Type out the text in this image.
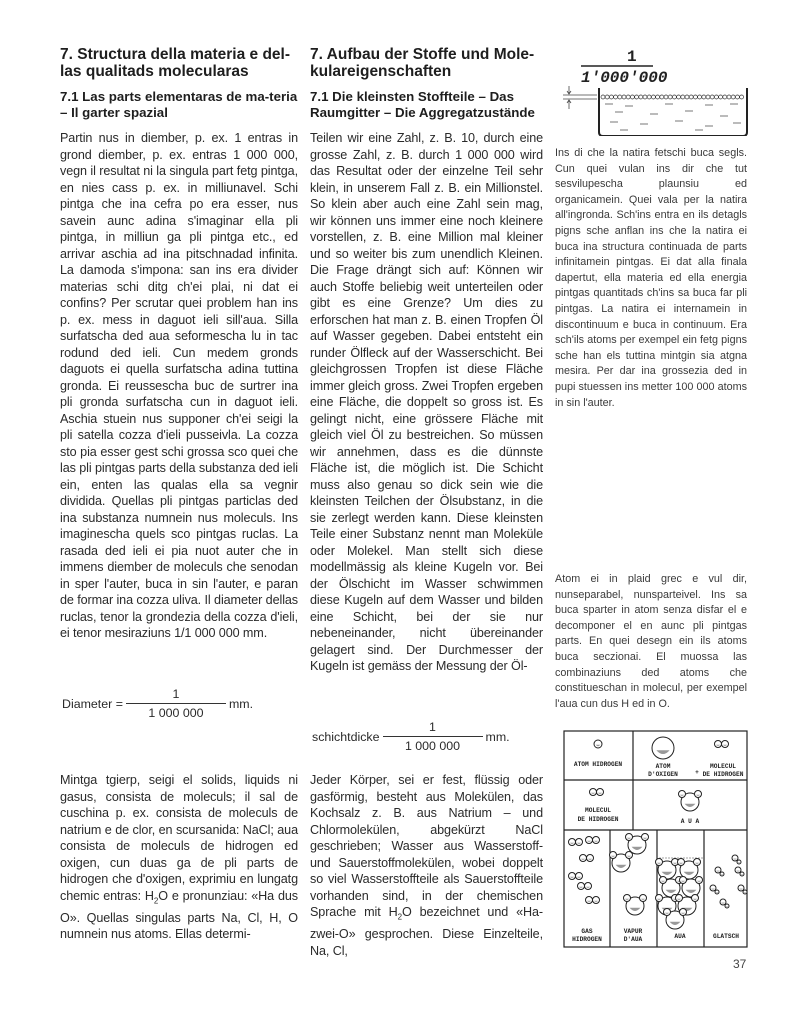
7. Structura della materia e del-las qualitads molecularas
7.1 Las parts elementaras de ma-teria – Il garter spazial

Partin nus in diember, p. ex. 1 entras in grond diember, p. ex. entras 1 000 000, vegn il resultat ni la singula part fetg pintga, en nies cass p. ex. in milliunavel. Schi pintga che ina cefra po era esser, nus savein aunc adina s'imaginar ella pli pintga, in milliun ga pli pintga etc., ed arrivar aschia ad ina pitschnadad infinita. La damoda s'impona: san ins era divider materias schi ditg ch'ei plai, ni dat ei confins? Per scrutar quei problem han ins p. ex. mess in daguot ieli sill'aua. Silla surfatscha ded aua seformescha lu in tac rodund ded ieli. Cun medem gronds daguots ei quella surfatscha adina tuttina gronda. Ei reussescha buc de surtrer ina pli gronda surfatscha cun in daguot ieli. Aschia stuein nus supponer ch'ei seigi la pli satella cozza d'ieli pusseivla. La cozza sto pia esser gest schi grossa sco quei che las pli pintgas parts della substanza ded ieli ein, enten las qualas ella sa vegnir dividida. Quellas pli pintgas particlas ded ina substanza numnein nus moleculs. Ins imaginescha quels sco pintgas ruclas. La rasada ded ieli ei pia nuot auter che in immens diember de moleculs che senodan in sper l'auter, buca in sin l'auter, e paran de formar ina cozza uliva. Il diameter dellas ruclas, tenor la grondezia della cozza d'ieli, ei tenor mesiraziuns 1/1 000 000 mm.

Diameter = $\frac{1}{1 000 000}$ mm.

Mintga tgierp, seigi el solids, liquids ni gasus, consista de moleculs; il sal de cuschina p. ex. consista de moleculs de natrium e de clor, en scursanida: NaCl; aua consista de moleculs de hidrogen ed oxigen, cun duas ga de pli parts de hidrogen che d'oxigen, exprimiu en lungatg chemic entras: $H_2O$ e pronunziau: «Ha dus O». Quellas singulas parts Na, Cl, H, O numnein nus atoms. Ellas determi-

7. Aufbau der Stoffe und Mole-kulareigenschaften
7.1 Die kleinsten Stoffteile – Das Raumgitter – Die Aggregatzustände

Teilen wir eine Zahl, z. B. 10, durch eine grosse Zahl, z. B. durch 1 000 000 wird das Resultat oder der einzelne Teil sehr klein, in unserem Fall z. B. ein Millionstel. So klein aber auch eine Zahl sein mag, wir können uns immer eine noch kleinere vorstellen, z. B. eine Million mal kleiner und so weiter bis zum unendlich Kleinen. Die Frage drängt sich auf: Können wir auch Stoffe beliebig weit unterteilen oder gibt es eine Grenze? Um dies zu erforschen hat man z. B. einen Tropfen Öl auf Wasser gegeben. Dabei entsteht ein runder Ölfleck auf der Wasserschicht. Bei gleichgrossen Tropfen ist diese Fläche immer gleich gross. Zwei Tropfen ergeben eine Fläche, die doppelt so gross ist. Es gelingt nicht, eine grössere Fläche mit gleich viel Öl zu bestreichen. So müssen wir annehmen, dass es die dünnste Fläche ist, die möglich ist. Die Schicht muss also genau so dick sein wie die kleinsten Teilchen der Ölsubstanz, in die sie zerlegt werden kann. Diese kleinsten Teile einer Substanz nennt man Moleküle oder Molekel. Man stellt sich diese modellmässig als kleine Kugeln vor. Bei der Ölschicht im Wasser schwimmen diese Kugeln auf dem Wasser und bilden eine Schicht, bei der sie nur nebeneinander, nicht übereinander gelagert sind. Der Durchmesser der Kugeln ist gemäss der Messung der Öl-

schichtdicke $\frac{1}{1 000 000}$ mm.

Jeder Körper, sei er fest, flüssig oder gasförmig, besteht aus Molekülen, das Kochsalz z. B. aus Natrium – und Chlormolekülen, abgekürzt NaCl geschrieben; Wasser aus Wasserstoff- und Sauerstoffmolekülen, wobei doppelt so viel Wasserstoffteile als Sauerstoffteile vorhanden sind, in der chemischen Sprache mit $H_2O$ bezeichnet und «Ha-zwei-O» gesprochen. Diese Einzelteile, Na, Cl,

1
1'000'000

Ins di che la natira fetschi buca segls. Cun quei vulan ins dir che tut sesvilupescha plaunsiu ed organicamein. Quei vala per la natira all'ingronda. Sch'ins entra en ils detagls pigns sche anflan ins che la natira ei buca ina structura continuada de parts infinitamein pintgas. Ei dat alla finala dapertut, ella materia ed ella energia pintgas quantitads ch'ins sa buca far pli pintgas. La natira ei internamein in discontinuum e buca in continuum. Era sch'ils atoms per exempel ein fetg pigns sche han els tuttina mintgin sia atgna mesira. Per dar ina grossezia ded in pupi stuessen ins metter 100 000 atoms in sin l'auter.

Atom ei in plaid grec e vul dir, nunseparabel, nunsparteivel. Ins sa buca sparter in atom senza disfar el e decomponer el en aunc pli pintgas parts. En quei desegn ein ils atoms buca seczionai. El muossa las combinaziuns ded atoms che constitueschan in molecul, per exempel l'aua cun dus H ed in O.

ATOM HIDROGEN	ATOM
D'OXIGEN	+
MOLECUL
DE HIDROGEN
MOLECUL
DE HIDROGEN	A U A
GAS
HIDROGEN
VAPUR
D'AUA	AUA	GLATSCH
37
